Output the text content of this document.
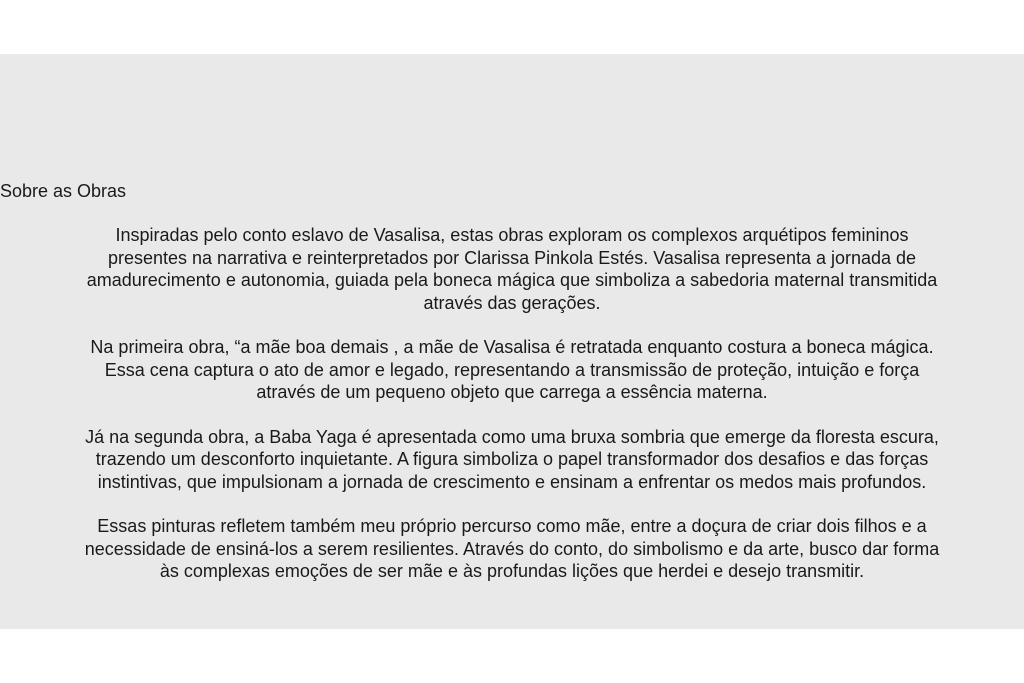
Sobre as Obras

Inspiradas pelo conto eslavo de Vasalisa, estas obras exploram os complexos arquétipos femininos
presentes na narrativa e reinterpretados por Clarissa Pinkola Estés. Vasalisa representa a jornada de
amadurecimento e autonomia, guiada pela boneca mágica que simboliza a sabedoria maternal transmitida
através das gerações.

Na primeira obra, “a mãe boa demais , a mãe de Vasalisa é retratada enquanto costura a boneca mágica.
Essa cena captura o ato de amor e legado, representando a transmissão de proteção, intuição e força
através de um pequeno objeto que carrega a essência materna.

Já na segunda obra, a Baba Yaga é apresentada como uma bruxa sombria que emerge da floresta escura,
trazendo um desconforto inquietante. A figura simboliza o papel transformador dos desafios e das forças
instintivas, que impulsionam a jornada de crescimento e ensinam a enfrentar os medos mais profundos.

Essas pinturas refletem também meu próprio percurso como mãe, entre a doçura de criar dois filhos e a
necessidade de ensiná-los a serem resilientes. Através do conto, do simbolismo e da arte, busco dar forma
às complexas emoções de ser mãe e às profundas lições que herdei e desejo transmitir.
